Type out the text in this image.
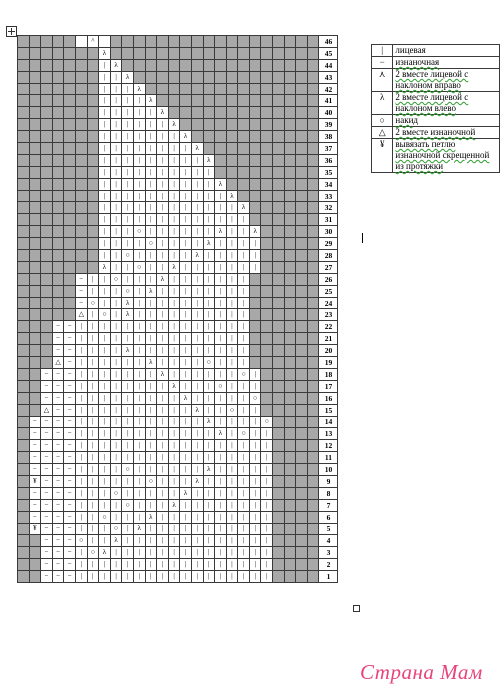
						^																				46
							λ																			45
							|	λ																		44
							|	|	λ																	43
							|	|	|	λ																42
							|	|	|	|	λ															41
							|	|	|	|	|	λ														40
							|	|	|	|	|	|	λ													39
							|	|	|	|	|	|	|	λ												38
							|	|	|	|	|	|	|	|	λ											37
							|	|	|	|	|	|	|	|	|	λ										36
							|	|	|	|	|	|	|	|	|	|										35
							|	|	|	|	|	|	|	|	|	|	λ									34
							|	|	|	|	|	|	|	|	|	|	|	λ								33
							|	|	|	|	|	|	|	|	|	|	|	|	λ							32
							|	|	|	|	|	|	|	|	|	|	|	|	|							31
							|	|	|	○	|	|	|	|	|	|	λ	|	|	λ						30
							|	|	|	|	○	|	|	|	|	λ	|	|	|	|						29
							|	|	○	|	|	|	|	|	λ	|	|	|	|	|						28
							λ	|	|	○	|	|	λ	|	|	|	|	|	|	|						27
					−	|	|	○	|	|	|	λ	|	|	|	|	|	|	|							26
					−	|	|	|	○	|	λ	|	|	|	|	|	|	|	|							25
					−	○	|	|	λ	|	|	|	|	|	|	|	|	|	|							24
					△	|	○	|	λ	|	|	|	|	|	|	|	|	|	|							23
			−	−	|	|	|	|	|	|	|	|	|	|	|	|	|	|	|							22
			−	−	|	|	|	|	|	|	|	|	|	|	|	|	|	|	|							21
			−	−	|	|	|	|	λ	|	|	|	|	|	|	|	|	|	|							20
			△	−	|	|	|	|	|	|	λ	|	|	|	|	○	|	|	|							19
		−	−	−	|	|	|	|	|	|	|	λ	|	|	|	|	|	|	○	|						18
		−	−	−	|	|	|	|	|	|	|	|	λ	|	|	|	○	|	|	|						17
		−	−	−	|	|	|	|	|	|	|	|	|	λ	|	|	|	|	|	○						16
		△	−	−	|	|	|	|	|	|	|	|	|	|	λ	|	|	○	|	|						15
	−	−	−	−	|	|	|	|	|	|	|	|	|	|	|	λ	|	|	|	|	○					14
	−	−	−	−	|	|	|	|	|	|	|	|	|	|	|	|	λ	|	○	|	|					13
	−	−	−	−	|	|	|	|	|	|	|	|	|	|	|	|	|	|	|	|	|					12
	−	−	−	−	|	|	|	|	|	|	|	|	|	|	|	|	|	|	|	|	|					11
	−	−	−	−	|	|	|	|	○	|	|	|	|	|	|	λ	|	|	|	|	|					10
	¥	−	−	−	|	|	|	|	|	|	○	|	|	|	λ	|	|	|	|	|	|					9
	−	−	−	−	|	|	|	○	|	|	|	|	|	λ	|	|	|	|	|	|	|					8
	−	−	−	−	|	|	|	|	○	|	|	|	λ	|	|	|	|	|	|	|	|					7
	−	−	−	−	|	|	○	|	|	|	λ	|	|	|	|	|	|	|	|	|	|					6
	¥	−	−	−	|	|	|	○	|	λ	|	|	|	|	|	|	|	|	|	|	|					5
		−	−	−	○	|	|	λ	|	|	|	|	|	|	|	|	|	|	|	|	|					4
		−	−	−	|	○	λ	|	|	|	|	|	|	|	|	|	|	|	|	|	|					3
		−	−	−	|	|	|	|	|	|	|	|	|	|	|	|	|	|	|	|	|					2
		−	−	−	|	|	|	|	|	|	|	|	|	|	|	|	|	|	|	|	|					1
|	лицевая
−	изнаночная
⋏	2 вместе лицевой с наклоном вправо
λ	2 вместе лицевой с наклоном влево
○	накид
△	2 вместе изнаночной
¥	вывязать петлю изнаночной скрещенной из протяжки
Страна Мам
